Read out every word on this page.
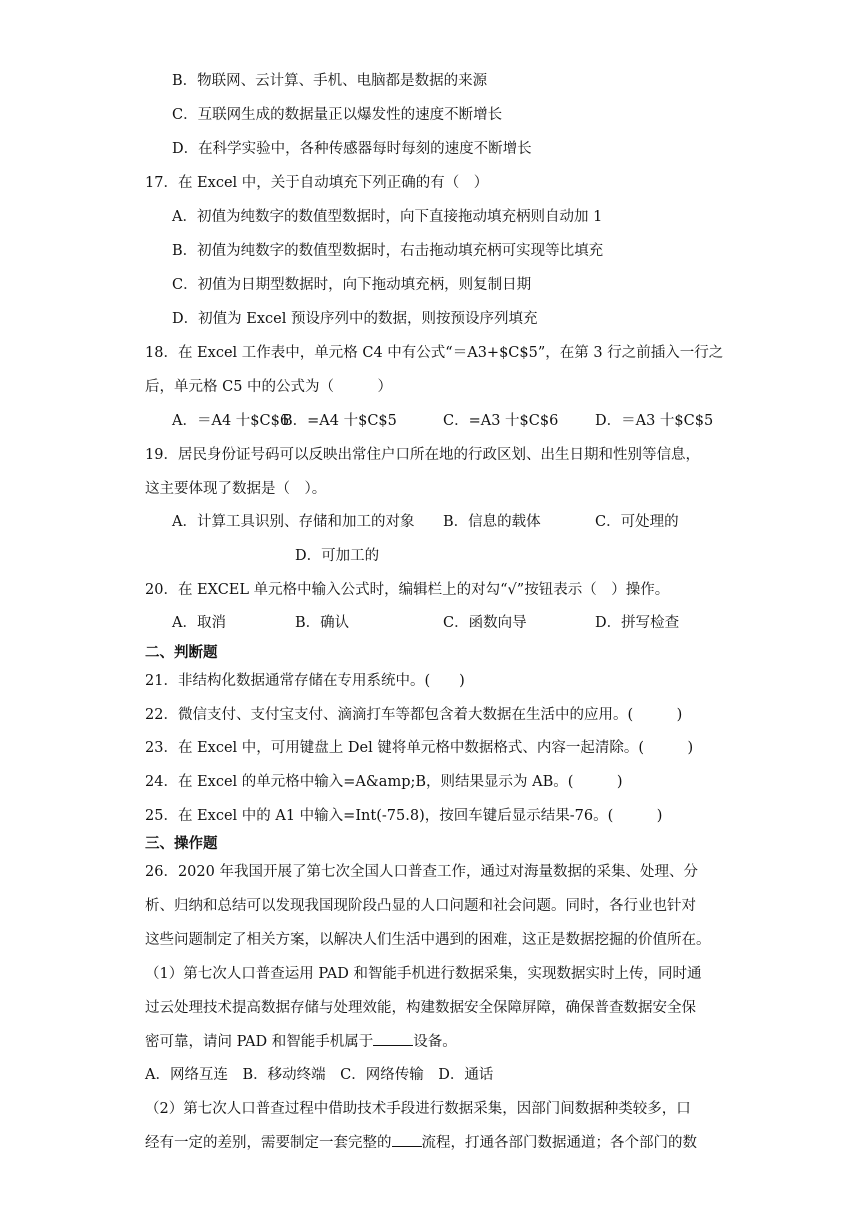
B．物联网、云计算、手机、电脑都是数据的来源
C．互联网生成的数据量正以爆发性的速度不断增长
D．在科学实验中，各种传感器每时每刻的速度不断增长
17．在 Excel 中，关于自动填充下列正确的有（　）
A．初值为纯数字的数值型数据时，向下直接拖动填充柄则自动加 1
B．初值为纯数字的数值型数据时，右击拖动填充柄可实现等比填充
C．初值为日期型数据时，向下拖动填充柄，则复制日期
D．初值为 Excel 预设序列中的数据，则按预设序列填充
18．在 Excel 工作表中，单元格 C4 中有公式“＝A3+$C$5”，在第 3 行之前插入一行之
后，单元格 C5 中的公式为（　　　）
A．＝A4 十$C$6
B．=A4 十$C$5	C．=A3 十$C$6	D．＝A3 十$C$5
19．居民身份证号码可以反映出常住户口所在地的行政区划、出生日期和性别等信息，
这主要体现了数据是（　）。
A．计算工具识别、存储和加工的对象 B．信息的载体	C．可处理的
D．可加工的
20．在 EXCEL 单元格中输入公式时，编辑栏上的对勾“√”按钮表示（　）操作。
A．取消	B．确认	C．函数向导	D．拼写检查
二、判断题
21．非结构化数据通常存储在专用系统中。(　　)
22．微信支付、支付宝支付、滴滴打车等都包含着大数据在生活中的应用。(　　　)
23．在 Excel 中，可用键盘上 Del 键将单元格中数据格式、内容一起清除。(　　　)
24．在 Excel 的单元格中输入=A&amp;B，则结果显示为 AB。(　　　)
25．在 Excel 中的 A1 中输入=Int(-75.8)，按回车键后显示结果-76。(　　　)
三、操作题
26．2020 年我国开展了第七次全国人口普查工作，通过对海量数据的采集、处理、分
析、归纳和总结可以发现我国现阶段凸显的人口问题和社会问题。同时，各行业也针对
这些问题制定了相关方案，以解决人们生活中遇到的困难，这正是数据挖掘的价值所在。
（1）第七次人口普查运用 PAD 和智能手机进行数据采集，实现数据实时上传，同时通
过云处理技术提高数据存储与处理效能，构建数据安全保障屏障，确保普查数据安全保
密可靠，请问 PAD 和智能手机属于	设备。
A．网络互连　B．移动终端　C．网络传输　D．通话
（2）第七次人口普查过程中借助技术手段进行数据采集，因部门间数据种类较多，口
经有一定的差别，需要制定一套完整的 流程，打通各部门数据通道；各个部门的数
